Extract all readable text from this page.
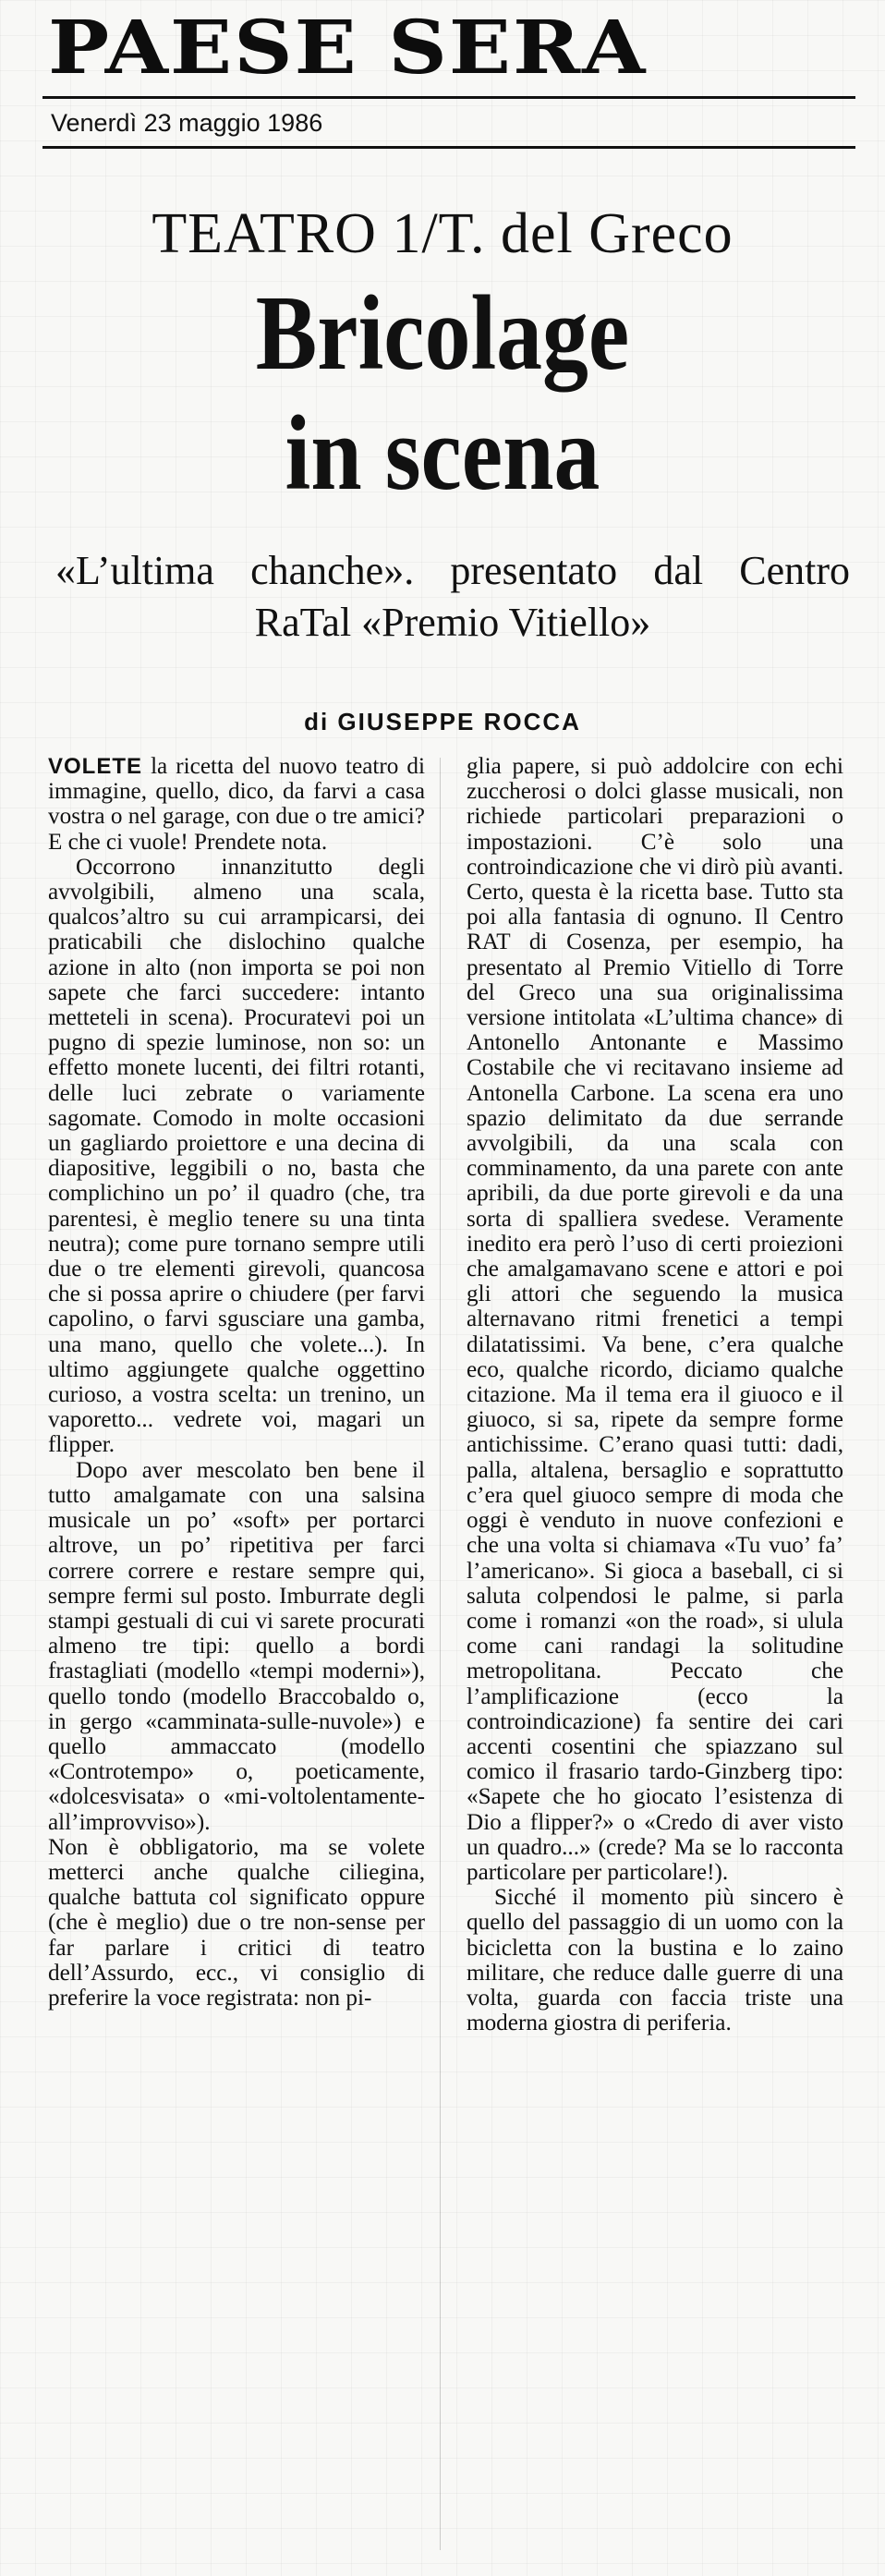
PAESE SERA
Venerdì 23 maggio 1986
TEATRO 1/T. del Greco
Bricolage
in scena
«L’ultima chanche». presentato dal Centro RaTal «Premio Vitiello»
di GIUSEPPE ROCCA

VOLETE la ricetta del nuovo teatro di immagine, quello, dico, da farvi a casa vostra o nel garage, con due o tre amici? E che ci vuole! Prendete nota.

Occorrono innanzitutto degli avvolgibili, almeno una scala, qualcos’altro su cui arrampicarsi, dei praticabili che dislochino qualche azione in alto (non importa se poi non sapete che farci succedere: intanto metteteli in scena). Procuratevi poi un pugno di spezie luminose, non so: un effetto monete lucenti, dei filtri rotanti, delle luci zebrate o variamente sagomate. Comodo in molte occasioni un gagliardo proiettore e una decina di diapositive, leggibili o no, basta che complichino un po’ il quadro (che, tra parentesi, è meglio tenere su una tinta neutra); come pure tornano sempre utili due o tre elementi girevoli, quancosa che si possa aprire o chiudere (per farvi capolino, o farvi sgusciare una gamba, una mano, quello che volete...). In ultimo aggiungete qualche oggettino curioso, a vostra scelta: un trenino, un vaporetto... vedrete voi, magari un flipper.

Dopo aver mescolato ben bene il tutto amalgamate con una salsina musicale un po’ «soft» per portarci altrove, un po’ ripetitiva per farci correre correre e restare sempre qui, sempre fermi sul posto. Imburrate degli stampi gestuali di cui vi sarete procurati almeno tre tipi: quello a bordi frastagliati (modello «tempi moderni»), quello tondo (modello Braccobaldo o, in gergo «camminata-sulle-nuvole») e quello ammaccato (modello «Controtempo» o, poeticamente, «dolcesvisata» o «mi-voltolentamente-all’improvviso»).

Non è obbligatorio, ma se volete metterci anche qualche ciliegina, qualche battuta col significato oppure (che è meglio) due o tre non-sense per far parlare i critici di teatro dell’Assurdo, ecc., vi consiglio di preferire la voce registrata: non pi-

glia papere, si può addolcire con echi zuccherosi o dolci glasse musicali, non richiede particolari preparazioni o impostazioni. C’è solo una controindicazione che vi dirò più avanti. Certo, questa è la ricetta base. Tutto sta poi alla fantasia di ognuno. Il Centro RAT di Cosenza, per esempio, ha presentato al Premio Vitiello di Torre del Greco una sua originalissima versione intitolata «L’ultima chance» di Antonello Antonante e Massimo Costabile che vi recitavano insieme ad Antonella Carbone. La scena era uno spazio delimitato da due serrande avvolgibili, da una scala con comminamento, da una parete con ante apribili, da due porte girevoli e da una sorta di spalliera svedese. Veramente inedito era però l’uso di certi proiezioni che amalgamavano scene e attori e poi gli attori che seguendo la musica alternavano ritmi frenetici a tempi dilatatissimi. Va bene, c’era qualche eco, qualche ricordo, diciamo qualche citazione. Ma il tema era il giuoco e il giuoco, si sa, ripete da sempre forme antichissime. C’erano quasi tutti: dadi, palla, altalena, bersaglio e soprattutto c’era quel giuoco sempre di moda che oggi è venduto in nuove confezioni e che una volta si chiamava «Tu vuo’ fa’ l’americano». Si gioca a baseball, ci si saluta colpendosi le palme, si parla come i romanzi «on the road», si ulula come cani randagi la solitudine metropolitana. Peccato che l’amplificazione (ecco la controindicazione) fa sentire dei cari accenti cosentini che spiazzano sul comico il frasario tardo-Ginzberg tipo: «Sapete che ho giocato l’esistenza di Dio a flipper?» o «Credo di aver visto un quadro...» (crede? Ma se lo racconta particolare per particolare!).

Sicché il momento più sincero è quello del passaggio di un uomo con la bicicletta con la bustina e lo zaino militare, che reduce dalle guerre di una volta, guarda con faccia triste una moderna giostra di periferia.
